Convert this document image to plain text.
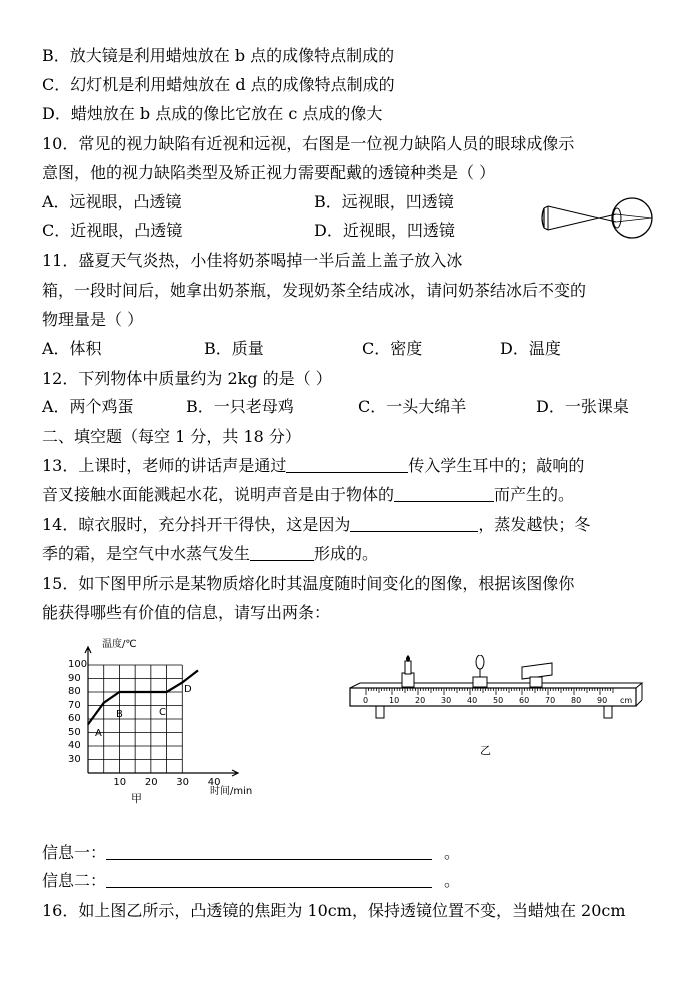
B．放大镜是利用蜡烛放在 b 点的成像特点制成的
C．幻灯机是利用蜡烛放在 d 点的成像特点制成的
D．蜡烛放在 b 点成的像比它放在 c 点成的像大
10．常见的视力缺陷有近视和远视，右图是一位视力缺陷人员的眼球成像示
意图，他的视力缺陷类型及矫正视力需要配戴的透镜种类是（ ）
A．远视眼，凸透镜	B．远视眼，凹透镜
C．近视眼，凸透镜	D．近视眼，凹透镜
11．盛夏天气炎热，小佳将奶茶喝掉一半后盖上盖子放入冰
箱，一段时间后，她拿出奶茶瓶，发现奶茶全结成冰，请问奶茶结冰后不变的
物理量是（ ）
A．体积	B．质量	C．密度	D．温度
12．下列物体中质量约为 2kg 的是（ ）
A．两个鸡蛋	B．一只老母鸡	C．一头大绵羊	D．一张课桌
二、填空题（每空 1 分，共 18 分）
13．上课时，老师的讲话声是通过	传入学生耳中的；敲响的
音叉接触水面能溅起水花，说明声音是由于物体的	而产生的。
14．晾衣服时，充分抖开干得快，这是因为	，蒸发越快；冬
季的霜，是空气中水蒸气发生	形成的。
15．如下图甲所示是某物质熔化时其温度随时间变化的图像，根据该图像你
能获得哪些有价值的信息，请写出两条：
温度/℃
100
90
80
70
60
50
40
30
10 20 30 40
A
B	C
D
时间/min
甲
0	10 20 30 40 50 60 70 80 90 cm
乙
信息一：	。
信息二：	。
16．如上图乙所示，凸透镜的焦距为 10cm，保持透镜位置不变，当蜡烛在 20cm
